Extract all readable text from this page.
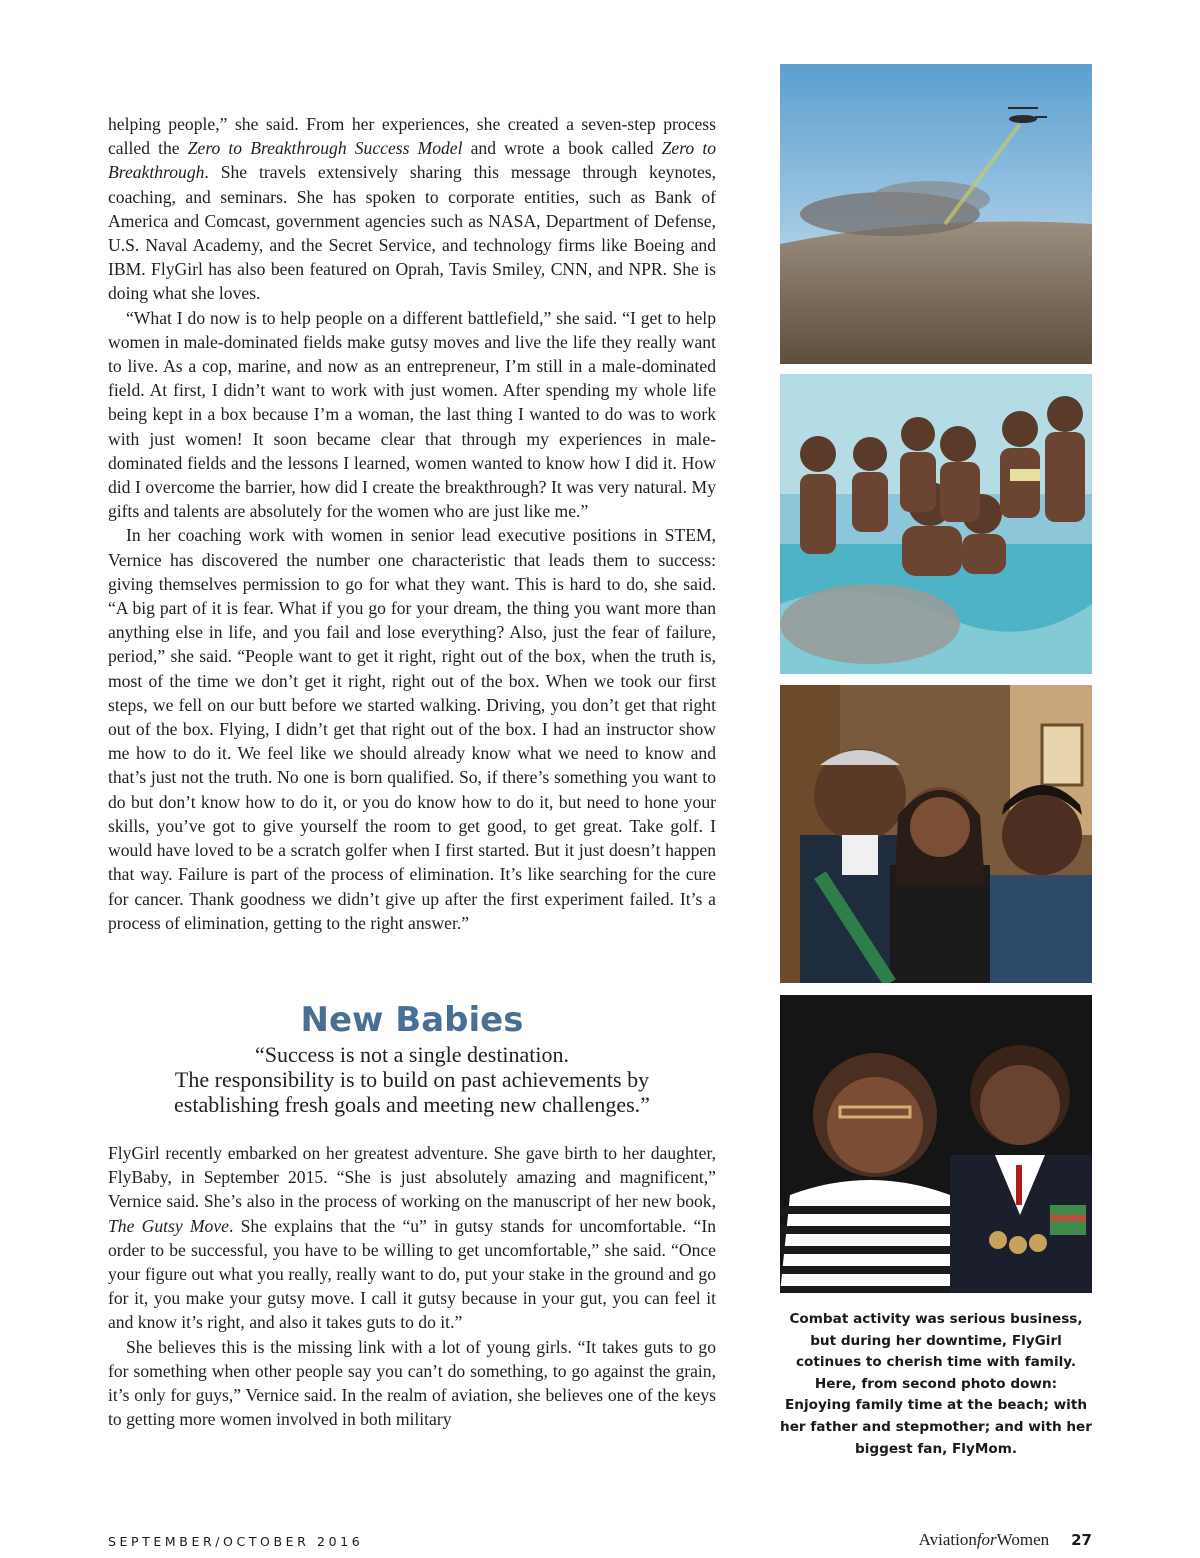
helping people,” she said. From her experiences, she created a seven-step process called the Zero to Breakthrough Success Model and wrote a book called Zero to Breakthrough. She travels extensively sharing this message through keynotes, coaching, and seminars. She has spoken to corporate entities, such as Bank of America and Comcast, government agencies such as NASA, Department of Defense, U.S. Naval Academy, and the Secret Service, and technology firms like Boeing and IBM. FlyGirl has also been featured on Oprah, Tavis Smiley, CNN, and NPR. She is doing what she loves.

“What I do now is to help people on a different battlefield,” she said. “I get to help women in male-dominated fields make gutsy moves and live the life they really want to live. As a cop, marine, and now as an entrepreneur, I’m still in a male-dominated field. At first, I didn’t want to work with just women. After spending my whole life being kept in a box because I’m a woman, the last thing I wanted to do was to work with just women! It soon became clear that through my experiences in male-dominated fields and the lessons I learned, women wanted to know how I did it. How did I overcome the barrier, how did I create the breakthrough? It was very natural. My gifts and talents are absolutely for the women who are just like me.”

In her coaching work with women in senior lead executive positions in STEM, Vernice has discovered the number one characteristic that leads them to success: giving themselves permission to go for what they want. This is hard to do, she said. “A big part of it is fear. What if you go for your dream, the thing you want more than anything else in life, and you fail and lose everything? Also, just the fear of failure, period,” she said. “People want to get it right, right out of the box, when the truth is, most of the time we don’t get it right, right out of the box. When we took our first steps, we fell on our butt before we started walking. Driving, you don’t get that right out of the box. Flying, I didn’t get that right out of the box. I had an instructor show me how to do it. We feel like we should already know what we need to know and that’s just not the truth. No one is born qualified. So, if there’s something you want to do but don’t know how to do it, or you do know how to do it, but need to hone your skills, you’ve got to give yourself the room to get good, to get great. Take golf. I would have loved to be a scratch golfer when I first started. But it just doesn’t happen that way. Failure is part of the process of elimination. It’s like searching for the cure for cancer. Thank goodness we didn’t give up after the first experiment failed. It’s a process of elimination, getting to the right answer.”

New Babies
“Success is not a single destination.
The responsibility is to build on past achievements by
establishing fresh goals and meeting new challenges.”

FlyGirl recently embarked on her greatest adventure. She gave birth to her daughter, FlyBaby, in September 2015. “She is just absolutely amazing and magnificent,” Vernice said. She’s also in the process of working on the manuscript of her new book, The Gutsy Move. She explains that the “u” in gutsy stands for uncomfortable. “In order to be successful, you have to be willing to get uncomfortable,” she said. “Once your figure out what you really, really want to do, put your stake in the ground and go for it, you make your gutsy move. I call it gutsy because in your gut, you can feel it and know it’s right, and also it takes guts to do it.”

She believes this is the missing link with a lot of young girls. “It takes guts to go for something when other people say you can’t do something, to go against the grain, it’s only for guys,” Vernice said. In the realm of aviation, she believes one of the keys to getting more women involved in both military

Combat activity was serious business, but during her downtime, FlyGirl cotinues to cherish time with family. Here, from second photo down: Enjoying family time at the beach; with her father and stepmother; and with her biggest fan, FlyMom.
SEPTEMBER/OCTOBER 2016	AviationforWomen 27
